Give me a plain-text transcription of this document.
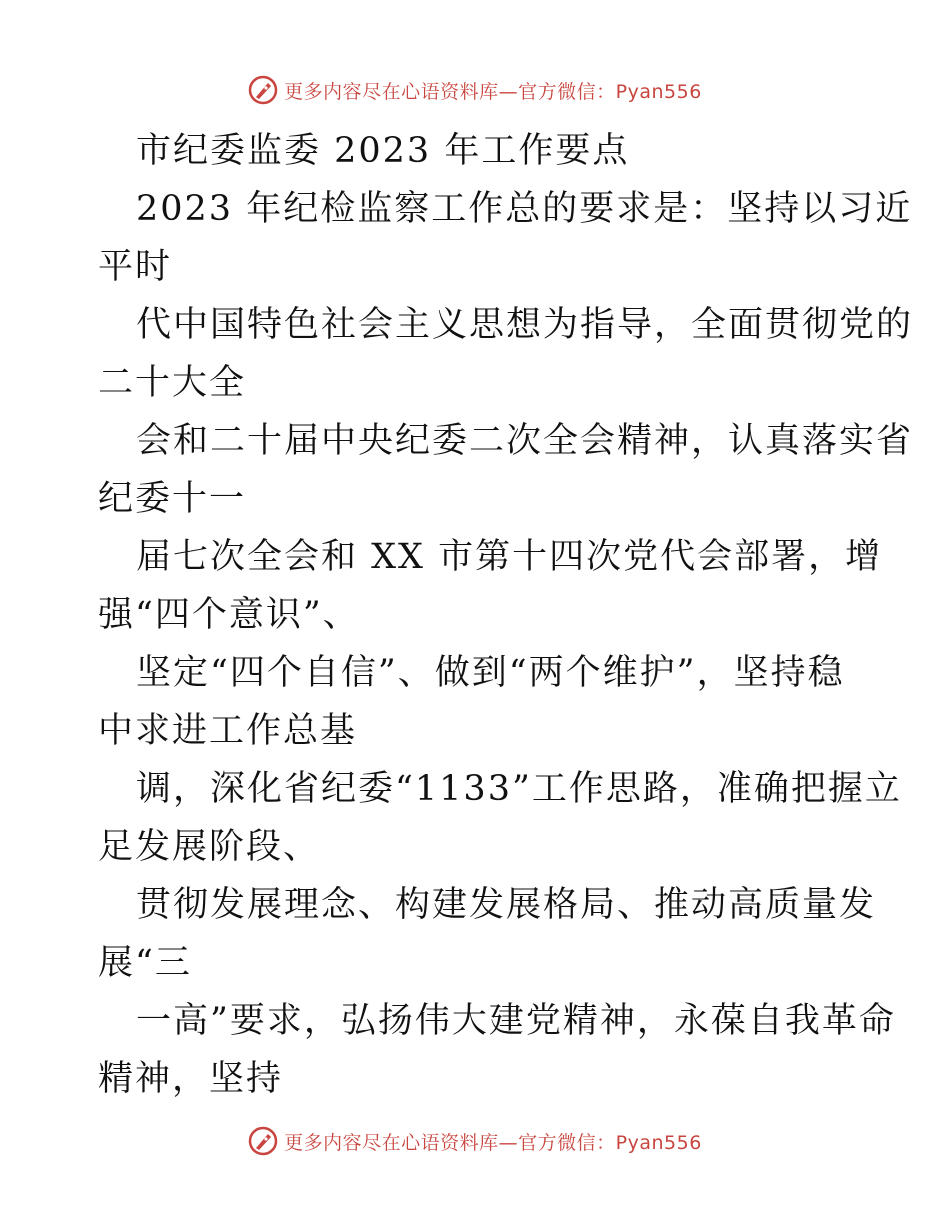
更多内容尽在心语资料库—官方微信：Pyan556
市纪委监委 2023 年工作要点
2023 年纪检监察工作总的要求是：坚持以习近
平时
代中国特色社会主义思想为指导，全面贯彻党的
二十大全
会和二十届中央纪委二次全会精神，认真落实省
纪委十一
届七次全会和 XX 市第十四次党代会部署，增
强“四个意识”、
坚定“四个自信”、做到“两个维护”，坚持稳
中求进工作总基
调，深化省纪委“1133”工作思路，准确把握立
足发展阶段、
贯彻发展理念、构建发展格局、推动高质量发
展“三
一高”要求，弘扬伟大建党精神，永葆自我革命
精神，坚持
更多内容尽在心语资料库—官方微信：Pyan556
